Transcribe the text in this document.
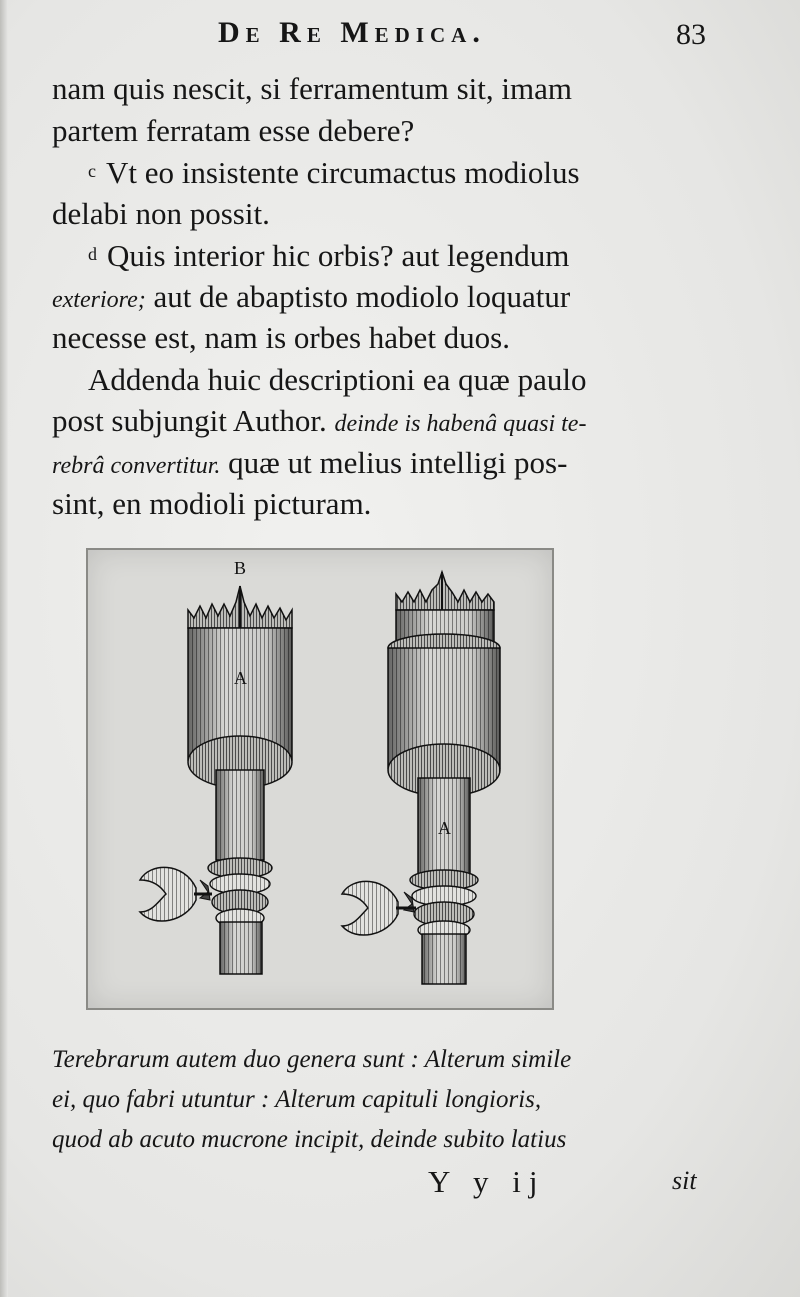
De Re Medica.	83
nam quis nescit, si ferramentum sit, imam
partem ferratam esse debere?
c Vt eo insistente circumactus modiolus
delabi non possit.
d Quis interior hic orbis? aut legendum
exteriore; aut de abaptisto modiolo loquatur
necesse est, nam is orbes habet duos.
Addenda huic descriptioni ea quæ paulo
post subjungit Author. deinde is habenâ quasi te-
rebrâ convertitur. quæ ut melius intelligi pos-
sint, en modioli picturam.
B
A
A
Terebrarum autem duo genera sunt : Alterum simile
ei, quo fabri utuntur : Alterum capituli longioris,
quod ab acuto mucrone incipit, deinde subito latius
Y y ij	sit
